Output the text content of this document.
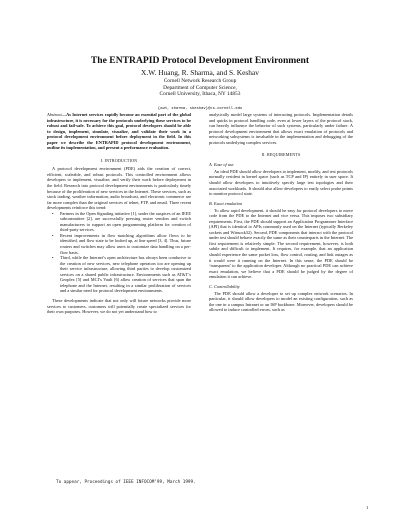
The ENTRAPID Protocol Development Environment
X.W. Huang, R. Sharma, and S. Keshav
Cornell Network Research Group
Department of Computer Science,
Cornell University, Ithaca, NY 14853
{xwh, sharma, skeshav}@cs.cornell.edu

Abstract—As Internet services rapidly become an essential part of the global infrastructure, it is necessary for the protocols underlying these services to be robust and fail-safe. To achieve this goal, protocol developers should be able to design, implement, simulate, visualize, and validate their work in a protocol development environment before deployment in the field. In this paper we describe the ENTRAPID protocol development environment, outline its implementation, and present a performance evaluation.

I. INTRODUCTION

A protocol development environment (PDE) aids the creation of correct, efficient, scaleable, and robust protocols. This controlled environment allows developers to implement, visualize, and verify their work before deployment in the field. Research into protocol development environments is particularly timely because of the proliferation of new services in the Internet. These services, such as stock trading, weather information, audio broadcast, and electronic commerce are far more complex than the original services of telnet, FTP, and email. Three recent developments reinforce this trend:

• Partners in the Open Signaling initiative [1], under the auspices of an IEEE subcommittee [2], are successfully pressing router vendors and switch manufacturers to support an open programming platform for creation of third-party services.
• Recent improvements in flow matching algorithms allow flows to be identified, and flow state to be looked up, at line speed [3, 4]. Thus, future routers and switches may allow users to customize data handling on a per-flow basis.
• Third, while the Internet’s open architecture has always been conducive to the creation of new services, new telephone operators too are opening up their service infrastructure, allowing third parties to develop customized services on a shared public infrastructure. Environments such as AT&T’s Geoplex [5] and MCI’s Vault [6] allow creation of services that span the telephone and the Internet, resulting in a similar proliferation of services and a similar need for protocol development environments.

These developments indicate that not only will future networks provide more services to customers, customers will potentially create specialized services for their own purposes. However, we do not yet understand how to

analytically model large systems of interacting protocols. Implementation details and quirks in protocol handling code, even at lower layers of the protocol stack, can heavily influence the behavior of such systems, particularly under failure. A protocol development environment that allows exact emulation of protocols and networking subsystems is invaluable in the implementation and debugging of the protocols underlying complex services.

II. REQUIREMENTS
A. Ease of use

An ideal PDE should allow developers to implement, modify, and test protocols normally resident in kernel space (such as TCP and IP) entirely in user space. It should allow developers to intuitively specify large test topologies and their associated workloads. It should also allow developers to easily select probe points to monitor protocol state.

B. Exact emulation

To allow rapid development, it should be easy for protocol developers to move code from the PDE to the Internet and vice versa. This imposes two subsidiary requirements. First, the PDE should support an Application Programmer Interface (API) that is identical to APIs commonly used on the Internet (typically Berkeley sockets and Winsock32). Second, PDE components that interact with the protocol under test should behave exactly the same as their counterparts in the Internet. The first requirement is relatively simple. The second requirement, however, is both subtle and difficult to implement. It requires, for example, that an application should experience the same packet loss, flow control, routing, and link outages as it would were it running on the Internet. In this sense, the PDE should be ‘transparent’ to the application developer. Although no practical PDE can achieve exact emulation, we believe that a PDE should be judged by the degree of emulation it can achieve.

C. Controllability

The PDE should allow a developer to set up complex network scenarios. In particular, it should allow developers to model an existing configuration, such as the one in a campus Intranet or an ISP backbone. Moreover, developers should be allowed to induce controlled errors, such as

To appear, Proceedings of IEEE INFOCOM’99, March 1999.
1
